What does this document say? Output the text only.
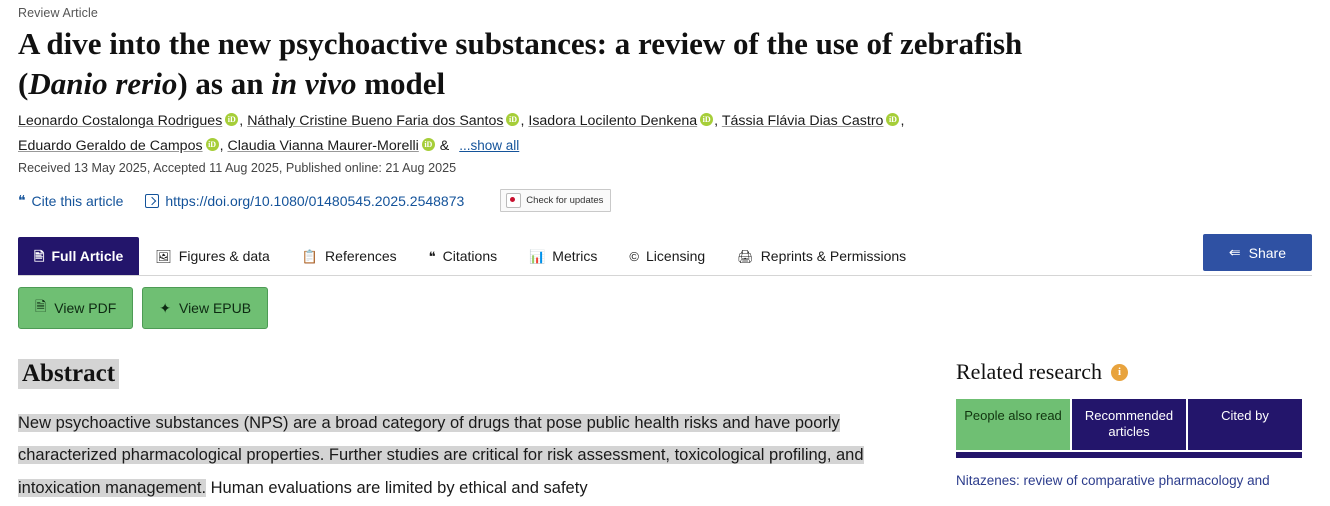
Review Article
A dive into the new psychoactive substances: a review of the use of zebrafish (Danio rerio) as an in vivo model
Leonardo Costalonga Rodrigues iD , Náthaly Cristine Bueno Faria dos Santos iD , Isadora Locilento Denkena iD , Tássia Flávia Dias Castro iD ,
Eduardo Geraldo de Campos iD , Claudia Vianna Maurer-Morelli iD & ...show all
Received 13 May 2025, Accepted 11 Aug 2025, Published online: 21 Aug 2025
❝ Cite this article	https://doi.org/10.1080/01480545.2025.2548873	Check for updates
🖹 Full Article 🖼 Figures & data 📋 References ❝ Citations 📊 Metrics © Licensing 🖨 Reprints & Permissions	⇚ Share
🗎 View PDF	✦ View EPUB
Abstract
New psychoactive substances (NPS) are a broad category of drugs that pose public health risks and have poorly characterized pharmacological properties. Further studies are critical for risk assessment, toxicological profiling, and intoxication management. Human evaluations are limited by ethical and safety
Related research	i
People also read	Recommended articles
Cited by
Nitazenes: review of comparative pharmacology and
